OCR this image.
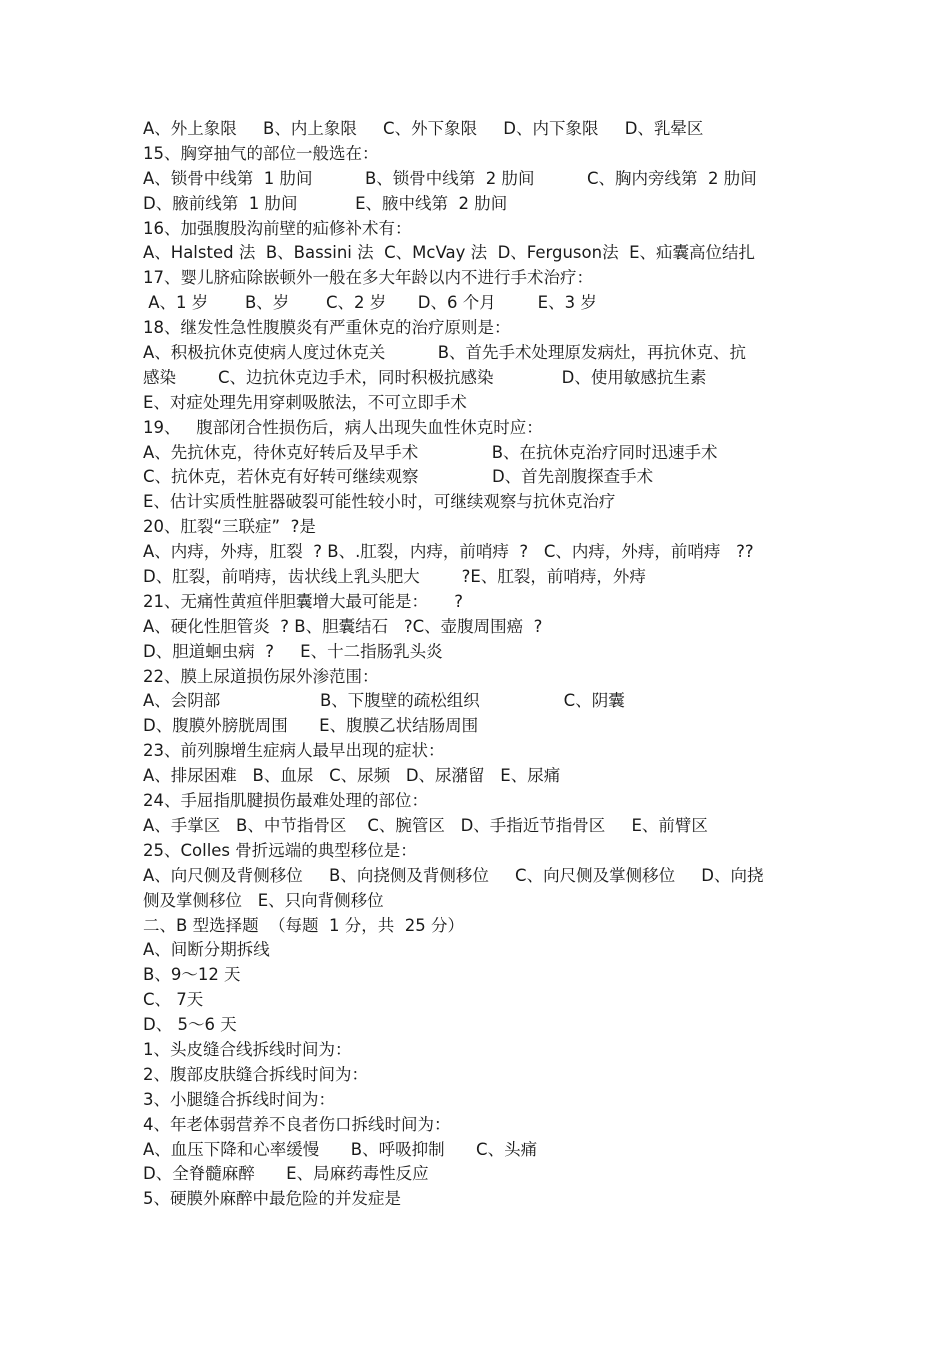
A、外上象限     B、内上象限     C、外下象限     D、内下象限     D、乳晕区
15、胸穿抽气的部位一般选在：
A、锁骨中线第  1 肋间          B、锁骨中线第  2 肋间          C、胸内旁线第  2 肋间
D、腋前线第  1 肋间           E、腋中线第  2 肋间
16、加强腹股沟前壁的疝修补术有：
A、Halsted 法  B、Bassini 法  C、McVay 法  D、Ferguson法  E、疝囊高位结扎
17、婴儿脐疝除嵌顿外一般在多大年龄以内不进行手术治疗：
A、1 岁       B、岁       C、2 岁      D、6 个月        E、3 岁
18、继发性急性腹膜炎有严重休克的治疗原则是：
A、积极抗休克使病人度过休克关          B、首先手术处理原发病灶，再抗休克、抗
感染        C、边抗休克边手术，同时积极抗感染             D、使用敏感抗生素
E、对症处理先用穿刺吸脓法，不可立即手术
19、   腹部闭合性损伤后，病人出现失血性休克时应：
A、先抗休克，待休克好转后及早手术              B、在抗休克治疗同时迅速手术
C、抗休克，若休克有好转可继续观察              D、首先剖腹探查手术
E、估计实质性脏器破裂可能性较小时，可继续观察与抗休克治疗
20、肛裂“三联症”  ?是
A、内痔，外痔，肛裂  ? B、.肛裂，内痔，前哨痔  ?   C、内痔，外痔，前哨痔   ??
D、肛裂，前哨痔，齿状线上乳头肥大        ?E、肛裂，前哨痔，外痔
21、无痛性黄疸伴胆囊增大最可能是：     ?
A、硬化性胆管炎  ? B、胆囊结石   ?C、壶腹周围癌  ?
D、胆道蛔虫病  ?     E、十二指肠乳头炎
22、膜上尿道损伤尿外渗范围：
A、会阴部                   B、下腹壁的疏松组织                C、阴囊
D、腹膜外膀胱周围      E、腹膜乙状结肠周围
23、前列腺增生症病人最早出现的症状：
A、排尿困难   B、血尿   C、尿频   D、尿潴留   E、尿痛
24、手屈指肌腱损伤最难处理的部位：
A、手掌区   B、中节指骨区    C、腕管区   D、手指近节指骨区     E、前臂区
25、Colles 骨折远端的典型移位是：
A、向尺侧及背侧移位     B、向挠侧及背侧移位     C、向尺侧及掌侧移位     D、向挠
侧及掌侧移位   E、只向背侧移位
二、B 型选择题  （每题  1 分，共  25 分）
A、间断分期拆线
B、9～12 天
C、 7天
D、 5～6 天
1、头皮缝合线拆线时间为：
2、腹部皮肤缝合拆线时间为：
3、小腿缝合拆线时间为：
4、年老体弱营养不良者伤口拆线时间为：
A、血压下降和心率缓慢      B、呼吸抑制      C、头痛
D、全脊髓麻醉      E、局麻药毒性反应
5、硬膜外麻醉中最危险的并发症是
